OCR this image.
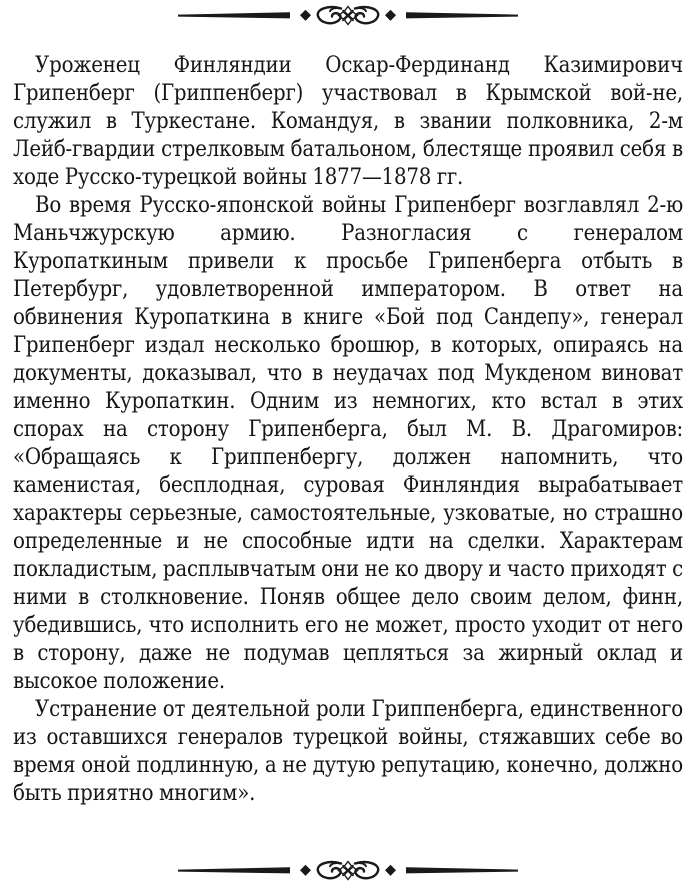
Уроженец Финляндии Оскар-Фердинанд Казимирович Грипенберг (Гриппенберг) участвовал в Крымской вой-не, служил в Туркестане. Командуя, в звании полковника, 2-м Лейб-гвардии стрелковым батальоном, блестяще проявил себя в ходе Русско-турецкой войны 1877—1878 гг.

Во время Русско-японской войны Грипенберг возглавлял 2-ю Маньчжурскую армию. Разногласия с генералом Куропаткиным привели к просьбе Грипенберга отбыть в Петербург, удовлетворенной императором. В ответ на обвинения Куропаткина в книге «Бой под Сандепу», генерал Грипенберг издал несколько брошюр, в которых, опираясь на документы, доказывал, что в неудачах под Мукденом виноват именно Куропаткин. Одним из немногих, кто встал в этих спорах на сторону Грипенберга, был М. В. Драгомиров: «Обращаясь к Гриппенбергу, должен напомнить, что каменистая, бесплодная, суровая Финляндия вырабатывает характеры серьезные, самостоятельные, узковатые, но страшно определенные и не способные идти на сделки. Характерам покладистым, расплывчатым они не ко двору и часто приходят с ними в столкновение. Поняв общее дело своим делом, финн, убедившись, что исполнить его не может, просто уходит от него в сторону, даже не подумав цепляться за жирный оклад и высокое положение.

Устранение от деятельной роли Гриппенберга, единственного из оставшихся генералов турецкой войны, стяжавших себе во время оной подлинную, а не дутую репутацию, конечно, должно быть приятно многим».
